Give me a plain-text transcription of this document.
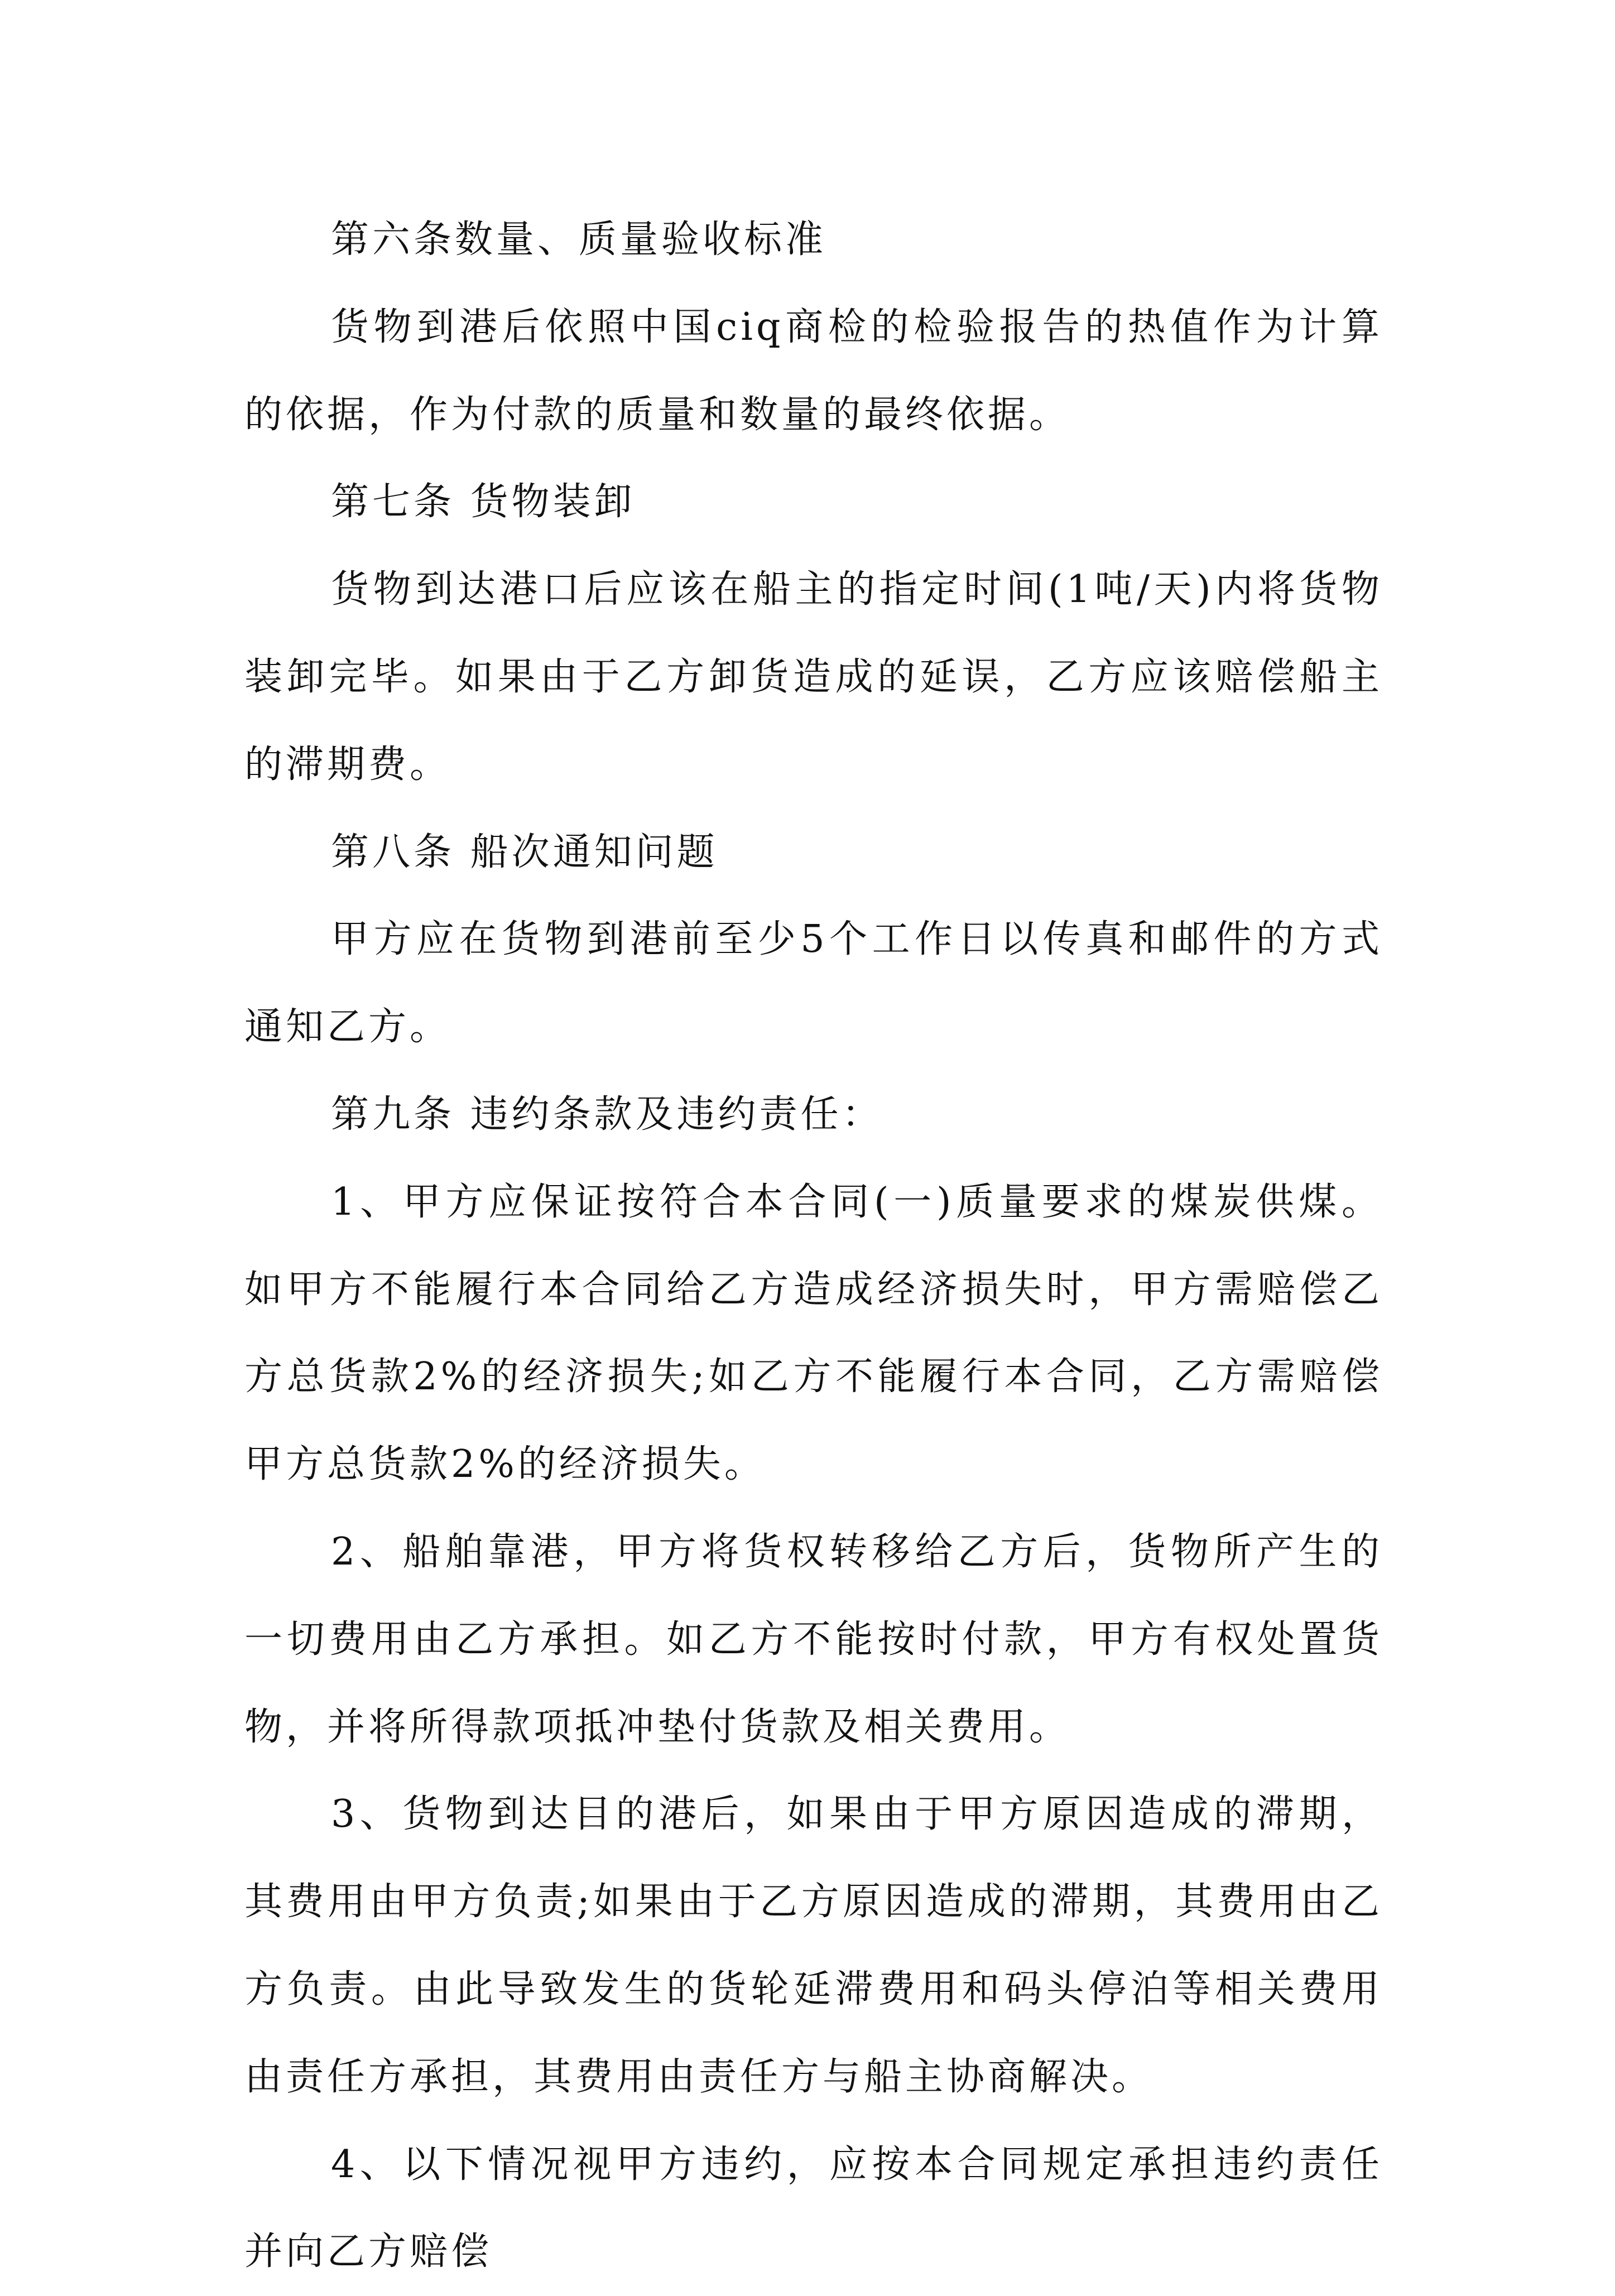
第六条数量、质量验收标准

货物到港后依照中国ciq商检的检验报告的热值作为计算的依据，作为付款的质量和数量的最终依据。

第七条 货物装卸

货物到达港口后应该在船主的指定时间(1吨/天)内将货物装卸完毕。如果由于乙方卸货造成的延误，乙方应该赔偿船主的滞期费。

第八条 船次通知问题

甲方应在货物到港前至少5个工作日以传真和邮件的方式通知乙方。

第九条 违约条款及违约责任：

1、甲方应保证按符合本合同(一)质量要求的煤炭供煤。如甲方不能履行本合同给乙方造成经济损失时，甲方需赔偿乙方总货款2%的经济损失;如乙方不能履行本合同，乙方需赔偿甲方总货款2%的经济损失。

2、船舶靠港，甲方将货权转移给乙方后，货物所产生的一切费用由乙方承担。如乙方不能按时付款，甲方有权处置货物，并将所得款项抵冲垫付货款及相关费用。

3、货物到达目的港后，如果由于甲方原因造成的滞期，其费用由甲方负责;如果由于乙方原因造成的滞期，其费用由乙方负责。由此导致发生的货轮延滞费用和码头停泊等相关费用由责任方承担，其费用由责任方与船主协商解决。

4、以下情况视甲方违约，应按本合同规定承担违约责任并向乙方赔偿
